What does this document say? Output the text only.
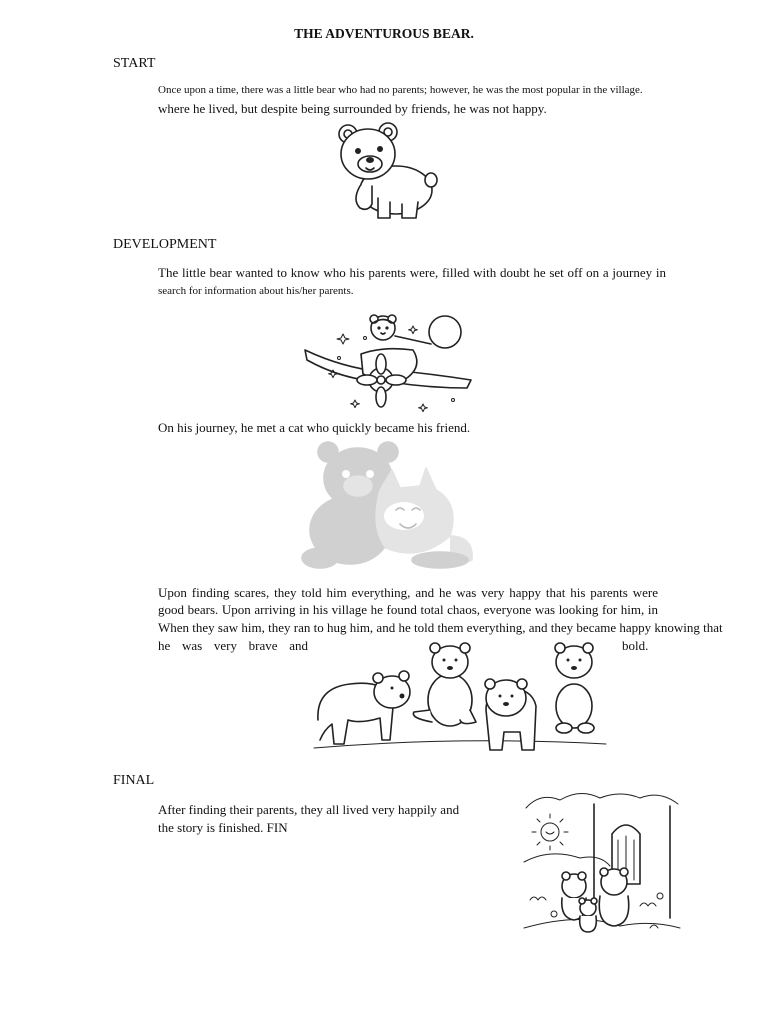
THE ADVENTUROUS BEAR.
START
Once upon a time, there was a little bear who had no parents; however, he was the most popular in the village.
where he lived, but despite being surrounded by friends, he was not happy.
DEVELOPMENT
The little bear wanted to know who his parents were, filled with doubt he set off on a journey in
search for information about his/her parents.
On his journey, he met a cat who quickly became his friend.
Upon finding scares, they told him everything, and he was very happy that his parents were
good bears. Upon arriving in his village he found total chaos, everyone was looking for him, in
When they saw him, they ran to hug him, and he told them everything, and they became happy knowing that
he was very brave and	bold.
FINAL
After finding their parents, they all lived very happily and
the story is finished. FIN
